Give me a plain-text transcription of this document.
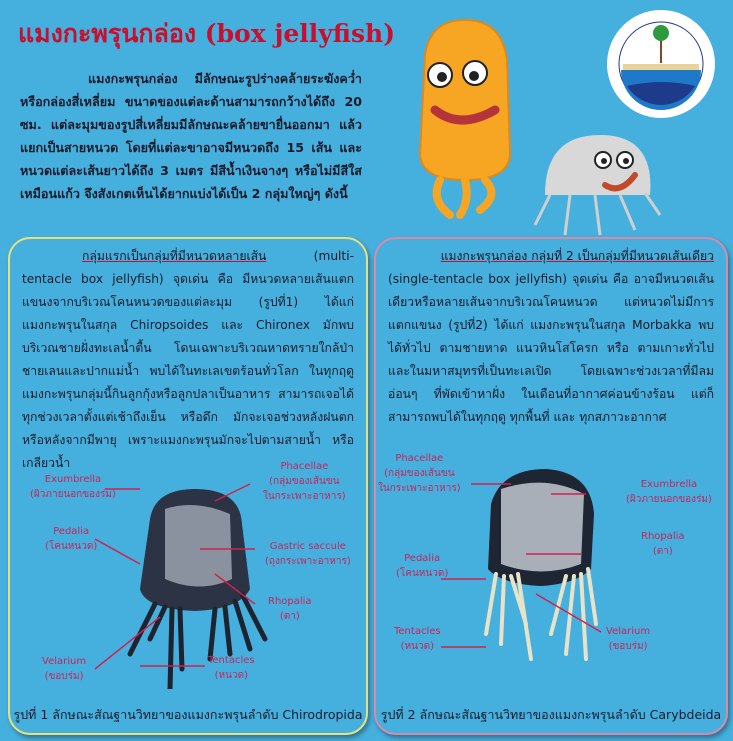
แมงกะพรุนกล่อง (box jellyfish)
แมงกะพรุนกล่อง มีลักษณะรูปร่างคล้ายระฆังคว่ำ หรือกล่องสี่เหลี่ยม ขนาดของแต่ละด้านสามารถกว้างได้ถึง 20 ซม. แต่ละมุมของรูปสี่เหลี่ยมมีลักษณะคล้ายขายื่นออกมา แล้วแยกเป็นสายหนวด โดยที่แต่ละขาอาจมีหนวดถึง 15 เส้น และหนวดแต่ละเส้นยาวได้ถึง 3 เมตร มีสีน้ำเงินจางๆ หรือไม่มีสีใสเหมือนแก้ว จึงสังเกตเห็นได้ยากแบ่งได้เป็น 2 กลุ่มใหญ่ๆ ดังนี้
กลุ่มแรกเป็นกลุ่มที่มีหนวดหลายเส้น (multi-tentacle box jellyfish) จุดเด่น คือ มีหนวดหลายเส้นแตกแขนงจากบริเวณโคนหนวดของแต่ละมุม (รูปที่1) ได้แก่ แมงกะพรุนในสกุล Chiropsoides และ Chironex มักพบบริเวณชายฝั่งทะเลน้ำตื้น โดนเฉพาะบริเวณหาดทรายใกล้ป่าชายเลนและปากแม่น้ำ พบได้ในทะเลเขตร้อนทั่วโลก ในทุกฤดู แมงกะพรุนกลุ่มนี้กินลูกกุ้งหรือลูกปลาเป็นอาหาร สามารถเจอได้ทุกช่วงเวลาตั้งแต่เช้าถึงเย็น หรือดึก มักจะเจอช่วงหลังฝนตก หรือหลังจากมีพายุ เพราะแมงกะพรุนมักจะไปตามสายน้ำ หรือเกลียวน้ำ
Exumbrella
(ผิวภายนอกของร่ม)
Phacellae
(กลุ่มของเส้นขน
ในกระเพาะอาหาร)
Pedalia
(โคนหนวด)	Gastric saccule
(ถุงกระเพาะอาหาร)
Rhopalia
(ตา)
Velarium
(ขอบร่ม)
Tentacles
(หนวด)
รูปที่ 1 ลักษณะสัณฐานวิทยาของแมงกะพรุนลำดับ Chirodropida
แมงกะพรุนกล่อง กลุ่มที่ 2 เป็นกลุ่มที่มีหนวดเส้นเดียว
(single-tentacle box jellyfish) จุดเด่น คือ อาจมีหนวดเส้นเดียวหรือหลายเส้นจากบริเวณโคนหนวด แต่หนวดไม่มีการแตกแขนง (รูปที่2) ได้แก่ แมงกะพรุนในสกุล Morbakka พบได้ทั่วไป ตามชายหาด แนวหินโสโครก หรือ ตามเกาะทั่วไป และในมหาสมุทรที่เป็นทะเลเปิด โดยเฉพาะช่วงเวลาที่มีลมอ่อนๆ ที่พัดเข้าหาฝั่ง ในเดือนที่อากาศค่อนข้างร้อน แต่ก็สามารถพบได้ในทุกฤดู ทุกพื้นที่ และ ทุกสภาวะอากาศ
Phacellae
(กลุ่มของเส้นขน
ในกระเพาะอาหาร)	Exumbrella
(ผิวภายนอกของร่ม)
Rhopalia
(ตา)
Pedalia
(โคนหนวด)
Tentacles
(หนวด)
Velarium
(ขอบร่ม)
รูปที่ 2 ลักษณะสัณฐานวิทยาของแมงกะพรุนลำดับ Carybdeida
